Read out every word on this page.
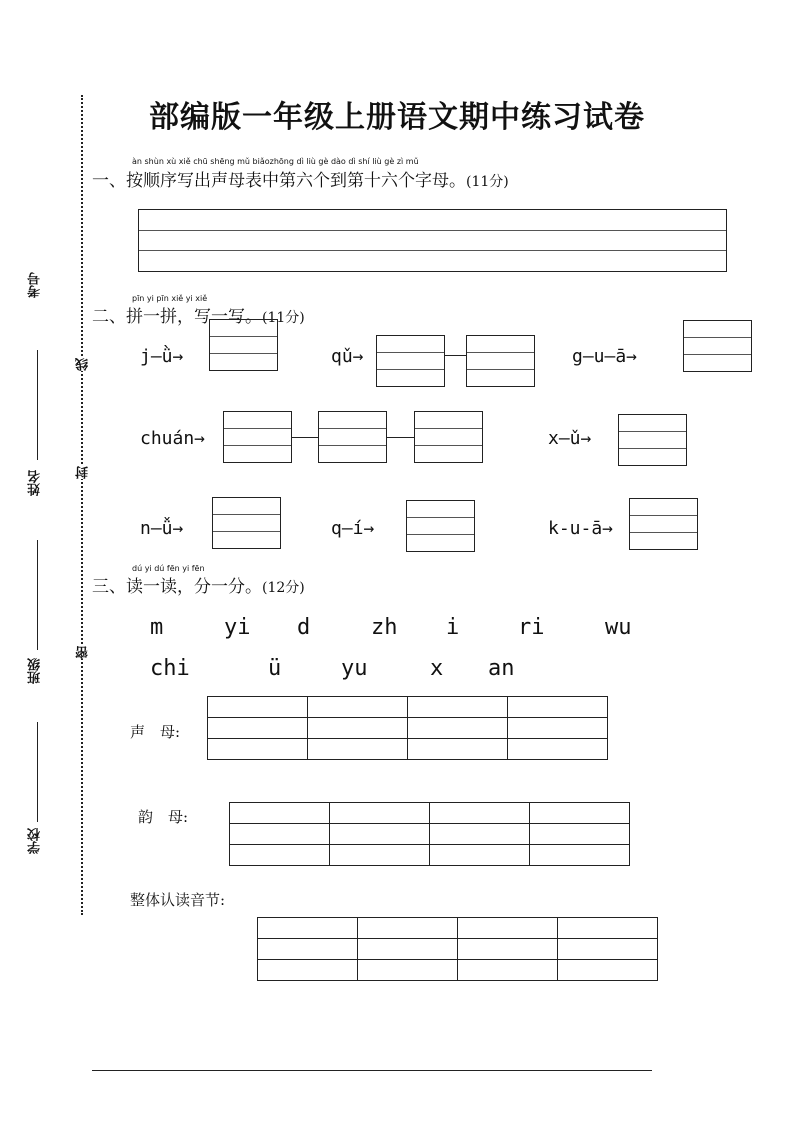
部编版一年级上册语文期中练习试卷
考号
姓名
班级
学校
线
封
密
àn shùn xù xiě chū shēng mǔ biǎozhōng dì liù gè dào dì shí liù gè zì mǔ
一、按顺序写出声母表中第六个到第十六个字母。(11分)
pīn yi pīn xiě yi xiě
二、拼一拼，写一写。(11分)
j—ǜ→	qǔ→	g—u—ā→
chuán→	x—ǔ→
n—ǚ→	q—í→	k-u-ā→
dú yi dú fēn yi fēn
三、读一读，分一分。(12分)
m	yi d	zh i	ri	wu
chi	ü	yu	x an
声　母:

韵　母:

整体认读音节:
